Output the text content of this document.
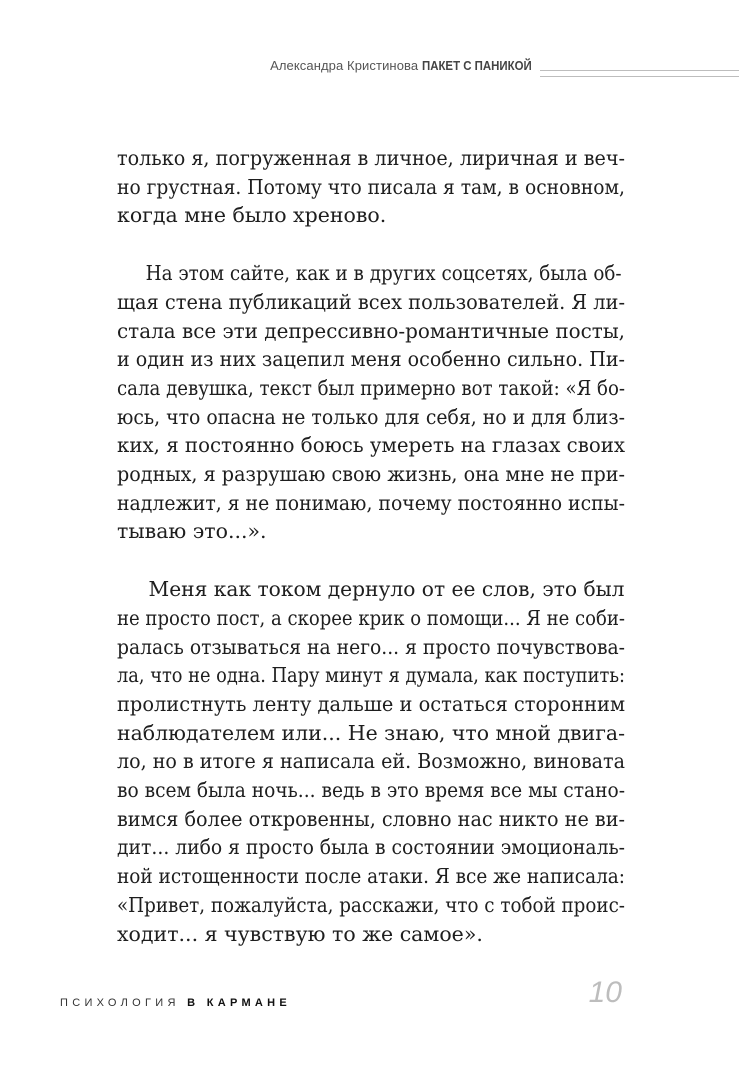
Александра Кристинова ПАКЕТ С ПАНИКОЙ

только я, погруженная в личное, лиричная и веч-
но грустная. Потому что писала я там, в основном,
когда мне было хреново.

На этом сайте, как и в других соцсетях, была об-
щая стена публикаций всех пользователей. Я ли-
стала все эти депрессивно-романтичные посты,
и один из них зацепил меня особенно сильно. Пи-
сала девушка, текст был примерно вот такой: «Я бо-
юсь, что опасна не только для себя, но и для близ-
ких, я постоянно боюсь умереть на глазах своих
родных, я разрушаю свою жизнь, она мне не при-
надлежит, я не понимаю, почему постоянно испы-
тываю это...».

Меня как током дернуло от ее слов, это был
не просто пост, а скорее крик о помощи... Я не соби-
ралась отзываться на него... я просто почувствова-
ла, что не одна. Пару минут я думала, как поступить:
пролистнуть ленту дальше и остаться сторонним
наблюдателем или... Не знаю, что мной двига-
ло, но в итоге я написала ей. Возможно, виновата
во всем была ночь... ведь в это время все мы стано-
вимся более откровенны, словно нас никто не ви-
дит... либо я просто была в состоянии эмоциональ-
ной истощенности после атаки. Я все же написала:
«Привет, пожалуйста, расскажи, что с тобой проис-
ходит... я чувствую то же самое».

ПСИХОЛОГИЯ В КАРМАНЕ	10
